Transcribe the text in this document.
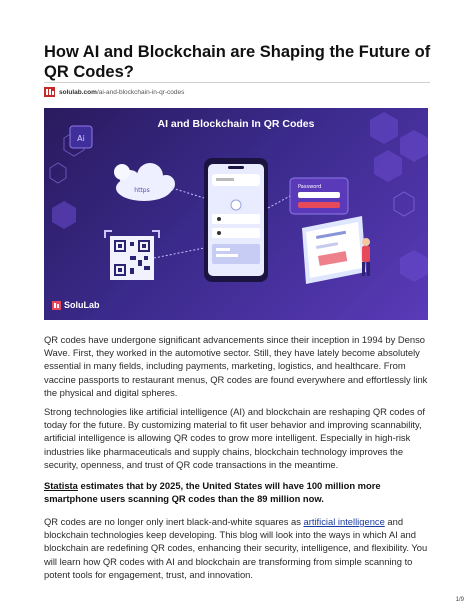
How AI and Blockchain are Shaping the Future of QR Codes?
solulab.com/ai-and-blockchain-in-qr-codes
Ai
https	Password
AI and Blockchain In QR Codes
SoluLab

QR codes have undergone significant advancements since their inception in 1994 by Denso Wave. First, they worked in the automotive sector. Still, they have lately become absolutely essential in many fields, including payments, marketing, logistics, and healthcare. From vaccine passports to restaurant menus, QR codes are found everywhere and effortlessly link the physical and digital spheres.

Strong technologies like artificial intelligence (AI) and blockchain are reshaping QR codes of today for the future. By customizing material to fit user behavior and improving scannability, artificial intelligence is allowing QR codes to grow more intelligent. Especially in high-risk industries like pharmaceuticals and supply chains, blockchain technology improves the security, openness, and trust of QR code transactions in the meantime.

Statista estimates that by 2025, the United States will have 100 million more smartphone users scanning QR codes than the 89 million now.

QR codes are no longer only inert black-and-white squares as artificial intelligence and blockchain technologies keep developing. This blog will look into the ways in which AI and blockchain are redefining QR codes, enhancing their security, intelligence, and flexibility. You will learn how QR codes with AI and blockchain are transforming from simple scanning to potent tools for engagement, trust, and innovation.

1/9
